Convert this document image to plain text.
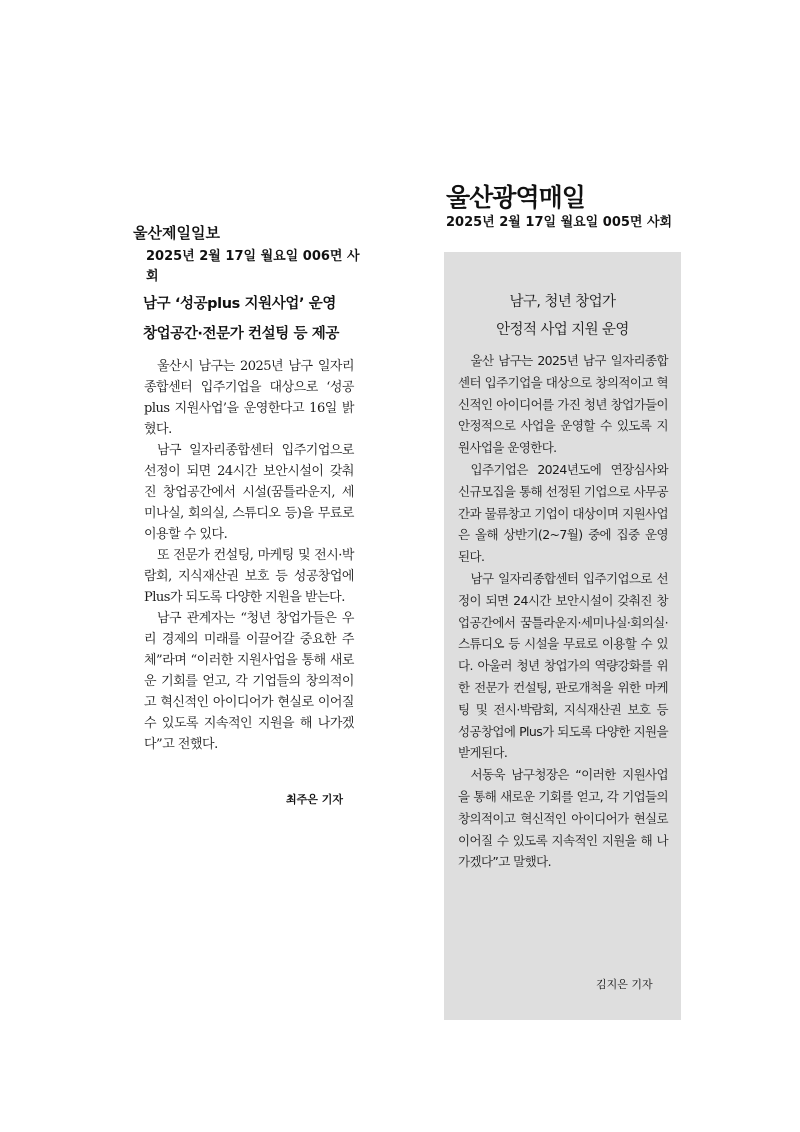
울산제일일보
2025년 2월 17일 월요일 006면 사회
남구 ‘성공plus 지원사업’ 운영
창업공간·전문가 컨설팅 등 제공

울산시 남구는 2025년 남구 일자리종합센터 입주기업을 대상으로 ‘성공plus 지원사업’을 운영한다고 16일 밝혔다.

남구 일자리종합센터 입주기업으로 선정이 되면 24시간 보안시설이 갖춰진 창업공간에서 시설(꿈틀라운지, 세미나실, 회의실, 스튜디오 등)을 무료로 이용할 수 있다.

또 전문가 컨설팅, 마케팅 및 전시·박람회, 지식재산권 보호 등 성공창업에 Plus가 되도록 다양한 지원을 받는다.

남구 관계자는 “청년 창업가들은 우리 경제의 미래를 이끌어갈 중요한 주체”라며 “이러한 지원사업을 통해 새로운 기회를 얻고, 각 기업들의 창의적이고 혁신적인 아이디어가 현실로 이어질 수 있도록 지속적인 지원을 해 나가겠다”고 전했다.

최주은 기자
울산광역매일
2025년 2월 17일 월요일 005면 사회
남구, 청년 창업가
안정적 사업 지원 운영

울산 남구는 2025년 남구 일자리종합센터 입주기업을 대상으로 창의적이고 혁신적인 아이디어를 가진 청년 창업가들이 안정적으로 사업을 운영할 수 있도록 지원사업을 운영한다.

입주기업은 2024년도에 연장심사와 신규모집을 통해 선정된 기업으로 사무공간과 물류창고 기업이 대상이며 지원사업은 올해 상반기(2~7월) 중에 집중 운영된다.

남구 일자리종합센터 입주기업으로 선정이 되면 24시간 보안시설이 갖춰진 창업공간에서 꿈틀라운지·세미나실·회의실·스튜디오 등 시설을 무료로 이용할 수 있다. 아울러 청년 창업가의 역량강화를 위한 전문가 컨설팅, 판로개척을 위한 마케팅 및 전시·박람회, 지식재산권 보호 등 성공창업에 Plus가 되도록 다양한 지원을 받게된다.

서동욱 남구청장은 “이러한 지원사업을 통해 새로운 기회를 얻고, 각 기업들의 창의적이고 혁신적인 아이디어가 현실로 이어질 수 있도록 지속적인 지원을 해 나가겠다”고 말했다.

김지은 기자
